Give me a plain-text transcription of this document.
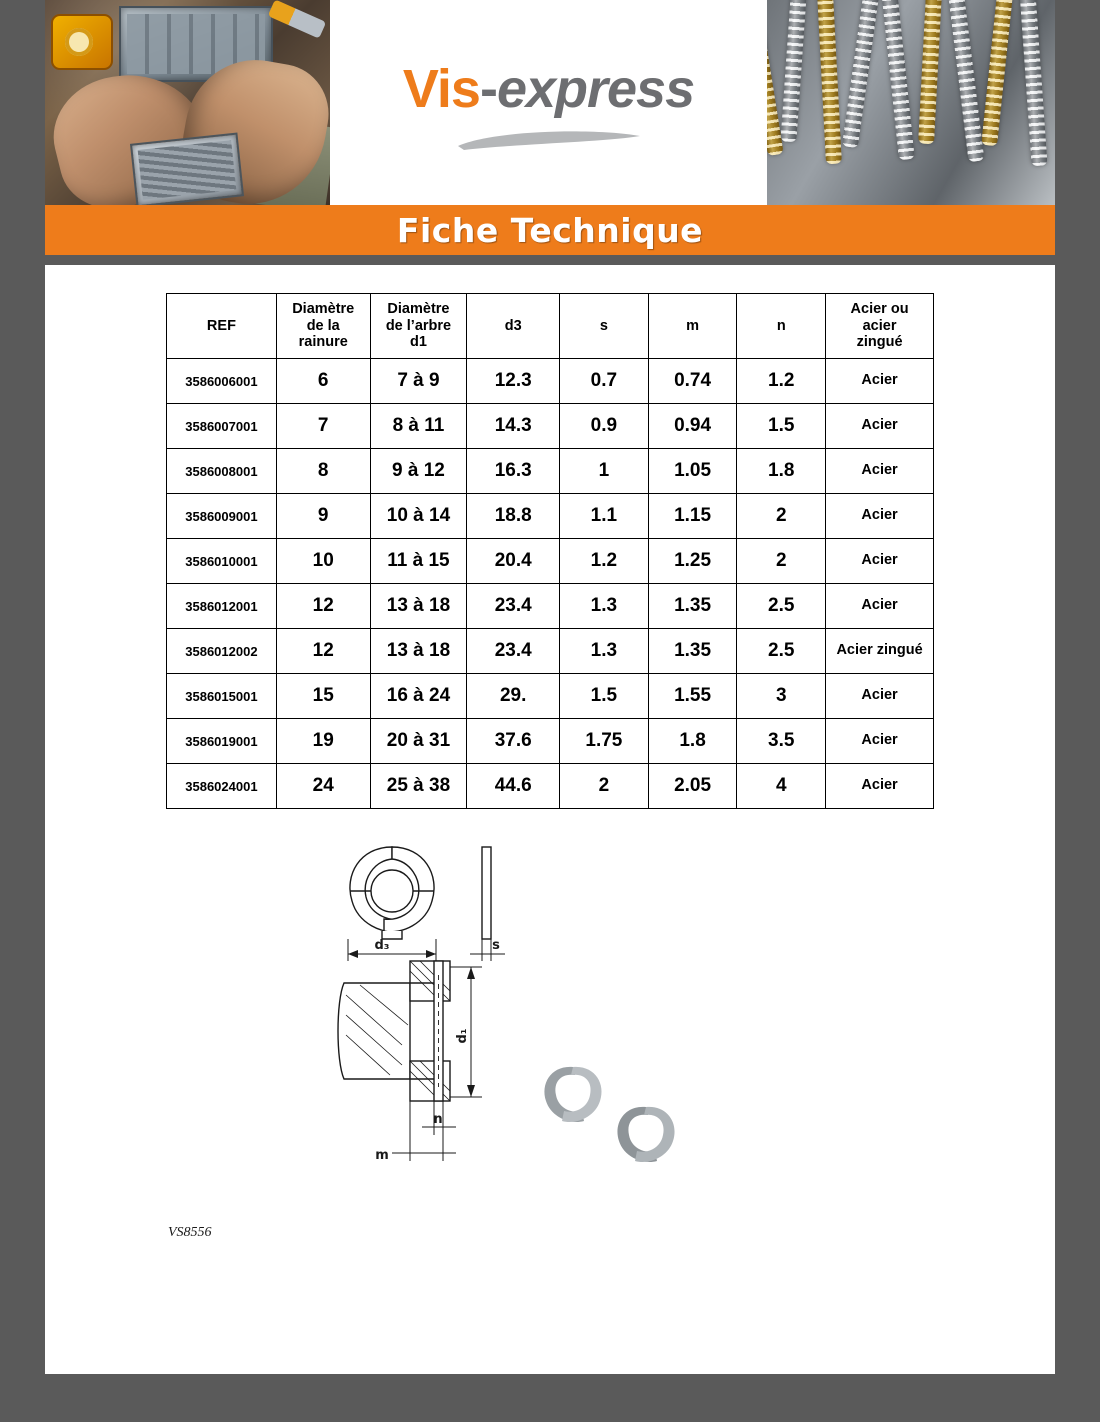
Vis-express
Fiche Technique
REF	Diamètre
de la
rainure	Diamètre
de l’arbre
d1	d3	s	m	n	Acier ou
acier
zingué
3586006001	6	7 à 9	12.3	0.7	0.74	1.2	Acier
3586007001	7	8 à 11	14.3	0.9	0.94	1.5	Acier
3586008001	8	9 à 12	16.3	1	1.05	1.8	Acier
3586009001	9	10 à 14	18.8	1.1	1.15	2	Acier
3586010001	10	11 à 15	20.4	1.2	1.25	2	Acier
3586012001	12	13 à 18	23.4	1.3	1.35	2.5	Acier
3586012002	12	13 à 18	23.4	1.3	1.35	2.5	Acier zingué
3586015001	15	16 à 24	29.	1.5	1.55	3	Acier
3586019001	19	20 à 31	37.6	1.75	1.8	3.5	Acier
3586024001	24	25 à 38	44.6	2	2.05	4	Acier
d₃	s
d₁
n
m
VS8556
